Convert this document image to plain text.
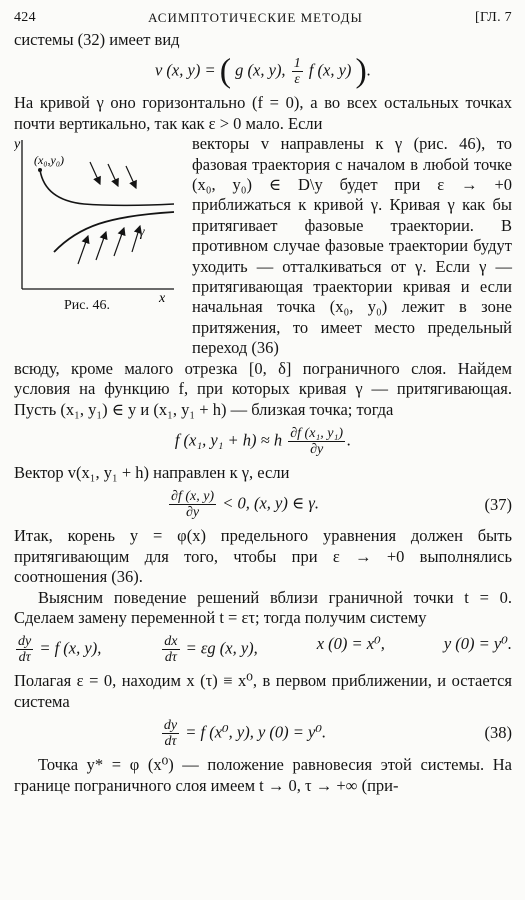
424	АСИМПТОТИЧЕСКИЕ МЕТОДЫ	[ГЛ. 7

системы (32) имеет вид

v (x, y) = ( g (x, y), $\frac{1}{\varepsilon}$ f (x, y) ).

На кривой γ оно горизонтально (f = 0), а во всех остальных точках почти вертикально, так как ε > 0 мало. Если

y
x
(x₀,y₀)
γ
Рис. 46.

векторы v направлены к γ (рис. 46), то фазовая траектория с началом в любой точке (x₀, y₀) ∈ D\y будет при ε → +0 приближаться к кривой γ. Кривая γ как бы притягивает фазовые траектории. В противном случае фазовые траектории будут уходить — отталкиваться от γ. Если γ — притягивающая траектории кривая и если начальная точка (x₀, y₀) лежит в зоне притяжения, то имеет место предельный переход (36)

всюду, кроме малого отрезка [0, δ] пограничного слоя. Найдем условия на функцию f, при которых кривая γ — притягивающая. Пусть (x₁, y₁) ∈ y и (x₁, y₁ + h) — близкая точка; тогда

f (x₁, y₁ + h) ≈ h $\frac{\text{∂f (x₁, y₁)}}{\partial y}$ .

Вектор v(x₁, y₁ + h) направлен к γ, если

$\frac{\partial f (x, y)}{\partial y} < 0$, (x, y) ∈ γ.	(37)

Итак, корень y = φ(x) предельного уравнения должен быть притягивающим для того, чтобы при ε → +0 выполнялись соотношения (36).

Выясним поведение решений вблизи граничной точки t = 0. Сделаем замену переменной t = ετ; тогда получим систему

$\frac{dy}{d\tau} = f$ (x, y),	$\frac{dx}{d\tau} = \varepsilon g$ (x, y),	x (0) = x⁰,	y (0) = y⁰.

Полагая ε = 0, находим x (τ) ≡ x⁰, в первом приближении, и остается система

$\frac{dy}{d\tau} = f$ (x⁰, y), y (0) = y⁰.	(38)

Точка y* = φ (x⁰) — положение равновесия этой системы. На границе пограничного слоя имеем t → 0, τ → +∞ (при-
